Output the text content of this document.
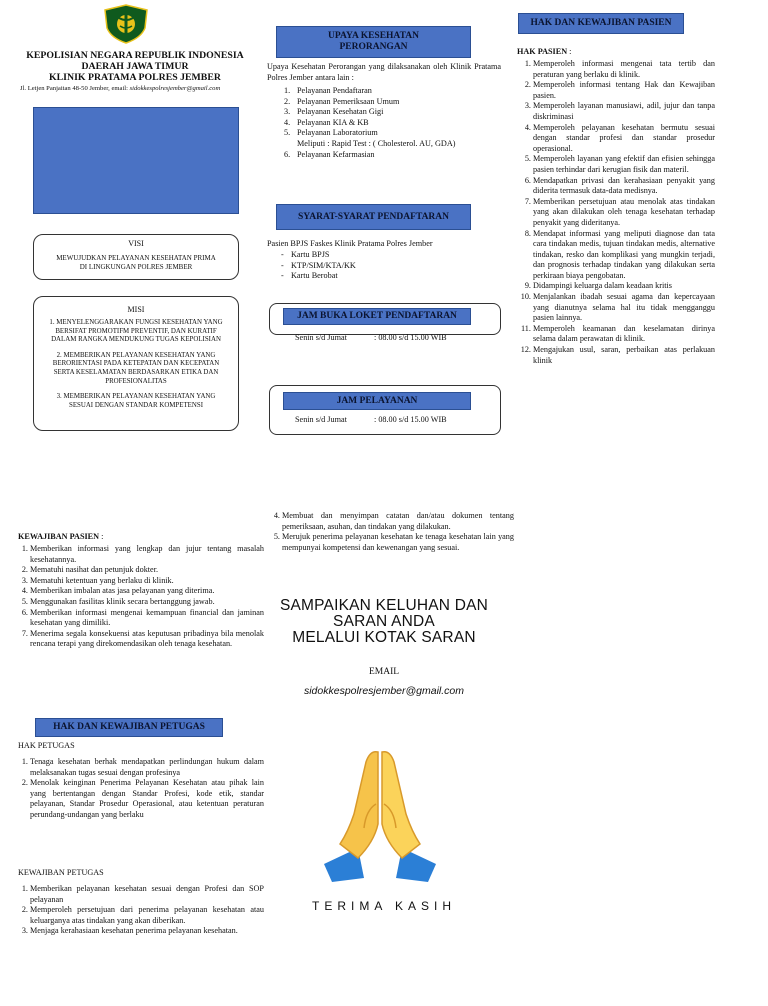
KEPOLISIAN NEGARA REPUBLIK INDONESIA
DAERAH JAWA TIMUR
KLINIK PRATAMA POLRES JEMBER
Jl. Letjen Panjaitan 48-50 Jember, email: sidokkespolresjember@gmail.com
VISI
MEWUJUDKAN PELAYANAN KESEHATAN PRIMA DI LINGKUNGAN POLRES JEMBER
MISI
1. MENYELENGGARAKAN FUNGSI KESEHATAN YANG BERSIFAT PROMOTIFM PREVENTIF, DAN KURATIF DALAM RANGKA MENDUKUNG TUGAS KEPOLISIAN
2. MEMBERIKAN PELAYANAN KESEHATAN YANG BERORIENTASI PADA KETEPATAN DAN KECEPATAN SERTA KESELAMATAN BERDASARKAN ETIKA DAN PROFESIONALITAS
3. MEMBERIKAN PELAYANAN KESEHATAN YANG SESUAI DENGAN STANDAR KOMPETENSI
UPAYA KESEHATAN
PERORANGAN
Upaya Kesehatan Perorangan yang dilaksanakan oleh Klinik Pratama Polres Jember antara lain :
1. Pelayanan Pendaftaran
2. Pelayanan Pemeriksaan Umum
3. Pelayanan Kesehatan Gigi
4. Pelayanan KIA & KB
5. Pelayanan Laboratorium
Meliputi : Rapid Test : ( Cholesterol. AU, GDA)
6. Pelayanan Kefarmasian
SYARAT-SYARAT PENDAFTARAN
Pasien BPJS Faskes Klinik Pratama Polres Jember
- Kartu BPJS
- KTP/SIM/KTA/KK
- Kartu Berobat
JAM BUKA LOKET PENDAFTARAN
Senin s/d Jumat	: 08.00 s/d 15.00 WIB
JAM PELAYANAN
Senin s/d Jumat	: 08.00 s/d 15.00 WIB
HAK DAN KEWAJIBAN PASIEN
HAK PASIEN :
1. Memperoleh informasi mengenai tata tertib dan peraturan yang berlaku di klinik.
2. Memperoleh informasi tentang Hak dan Kewajiban pasien.
3. Memperoleh layanan manusiawi, adil, jujur dan tanpa diskriminasi
4. Memperoleh pelayanan kesehatan bermutu sesuai dengan standar profesi dan standar prosedur operasional.
5. Memperoleh layanan yang efektif dan efisien sehingga pasien terhindar dari kerugian fisik dan materil.
6. Mendapatkan privasi dan kerahasiaan penyakit yang diderita termasuk data-data medisnya.
7. Memberikan persetujuan atau menolak atas tindakan yang akan dilakukan oleh tenaga kesehatan terhadap penyakit yang dideritanya.
8. Mendapat informasi yang meliputi diagnose dan tata cara tindakan medis, tujuan tindakan medis, alternative tindakan, resko dan komplikasi yang mungkin terjadi, dan prognosis terhadap tindakan yang dilakukan serta perkiraan biaya pengobatan.
9. Didampingi keluarga dalam keadaan kritis
10. Menjalankan ibadah sesuai agama dan kepercayaan yang dianutnya selama hal itu tidak mengganggu pasien lainnya.
11. Memperoleh keamanan dan keselamatan dirinya selama dalam perawatan di klinik.
12. Mengajukan usul, saran, perbaikan atas perlakuan klinik
KEWAJIBAN PASIEN :
1. Memberikan informasi yang lengkap dan jujur tentang masalah kesehatannya.
2. Mematuhi nasihat dan petunjuk dokter.
3. Mematuhi ketentuan yang berlaku di klinik.
4. Memberikan imbalan atas jasa pelayanan yang diterima.
5. Menggunakan fasilitas klinik secara bertanggung jawab.
6. Memberikan informasi mengenai kemampuan financial dan jaminan kesehatan yang dimiliki.
7. Menerima segala konsekuensi atas keputusan pribadinya bila menolak rencana terapi yang direkomendasikan oleh tenaga kesehatan.
HAK DAN KEWAJIBAN PETUGAS
HAK PETUGAS
1. Tenaga kesehatan berhak mendapatkan perlindungan hukum dalam melaksanakan tugas sesuai dengan profesinya
2. Menolak keinginan Penerima Pelayanan Kesehatan atau pihak lain yang bertentangan dengan Standar Profesi, kode etik, standar pelayanan, Standar Prosedur Operasional, atau ketentuan peraturan perundang-undangan yang berlaku
KEWAJIBAN PETUGAS
1. Memberikan pelayanan kesehatan sesuai dengan Profesi dan SOP pelayanan
2. Memperoleh persetujuan dari penerima pelayanan kesehatan atau keluarganya atas tindakan yang akan diberikan.
3. Menjaga kerahasiaan kesehatan penerima pelayanan kesehatan.
4. Membuat dan menyimpan catatan dan/atau dokumen tentang pemeriksaan, asuhan, dan tindakan yang dilakukan.
5. Merujuk penerima pelayanan kesehatan ke tenaga kesehatan lain yang mempunyai kompetensi dan kewenangan yang sesuai.
SAMPAIKAN KELUHAN DAN
SARAN ANDA
MELALUI KOTAK SARAN
EMAIL
sidokkespolresjember@gmail.com
TERIMA KASIH
